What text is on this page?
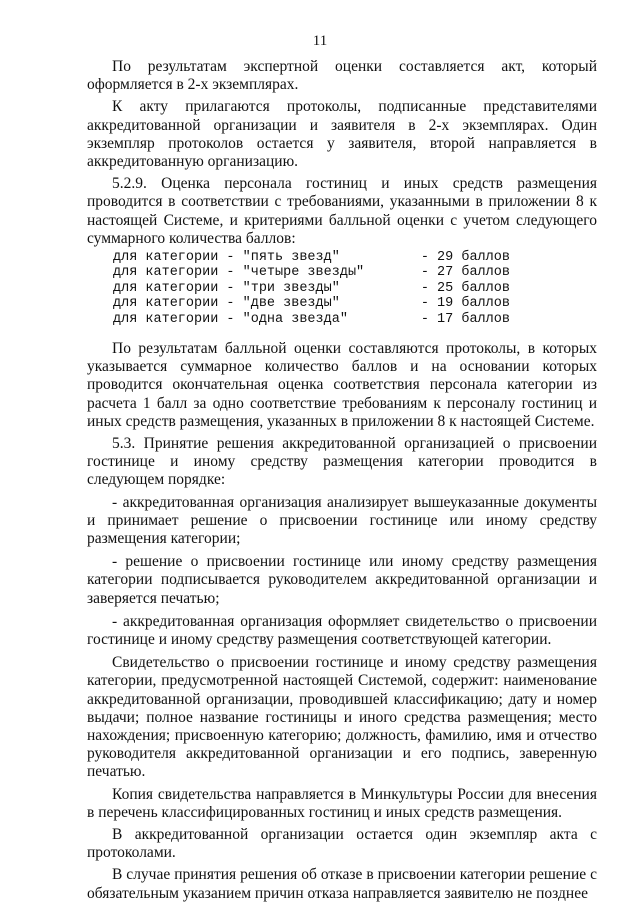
11

По результатам экспертной оценки составляется акт, который оформляется в 2-х экземплярах.

К акту прилагаются протоколы, подписанные представителями аккредитованной организации и заявителя в 2-х экземплярах. Один экземпляр протоколов остается у заявителя, второй направляется в аккредитованную организацию.

5.2.9. Оценка персонала гостиниц и иных средств размещения проводится в соответствии с требованиями, указанными в приложении 8 к настоящей Системе, и критериями балльной оценки с учетом следующего суммарного количества баллов:

для категории - "пять звезд"          - 29 баллов
для категории - "четыре звезды"       - 27 баллов
для категории - "три звезды"          - 25 баллов
для категории - "две звезды"          - 19 баллов
для категории - "одна звезда"         - 17 баллов

По результатам балльной оценки составляются протоколы, в которых указывается суммарное количество баллов и на основании которых проводится окончательная оценка соответствия персонала категории из расчета 1 балл за одно соответствие требованиям к персоналу гостиниц и иных средств размещения, указанных в приложении 8 к настоящей Системе.

5.3. Принятие решения аккредитованной организацией о присвоении гостинице и иному средству размещения категории проводится в следующем порядке:

- аккредитованная организация анализирует вышеуказанные документы и принимает решение о присвоении гостинице или иному средству размещения категории;

- решение о присвоении гостинице или иному средству размещения категории подписывается руководителем аккредитованной организации и заверяется печатью;

- аккредитованная организация оформляет свидетельство о присвоении гостинице и иному средству размещения соответствующей категории.

Свидетельство о присвоении гостинице и иному средству размещения категории, предусмотренной настоящей Системой, содержит: наименование аккредитованной организации, проводившей классификацию; дату и номер выдачи; полное название гостиницы и иного средства размещения; место нахождения; присвоенную категорию; должность, фамилию, имя и отчество руководителя аккредитованной организации и его подпись, заверенную печатью.

Копия свидетельства направляется в Минкультуры России для внесения в перечень классифицированных гостиниц и иных средств размещения.

В аккредитованной организации остается один экземпляр акта с протоколами.

В случае принятия решения об отказе в присвоении категории решение с обязательным указанием причин отказа направляется заявителю не позднее
